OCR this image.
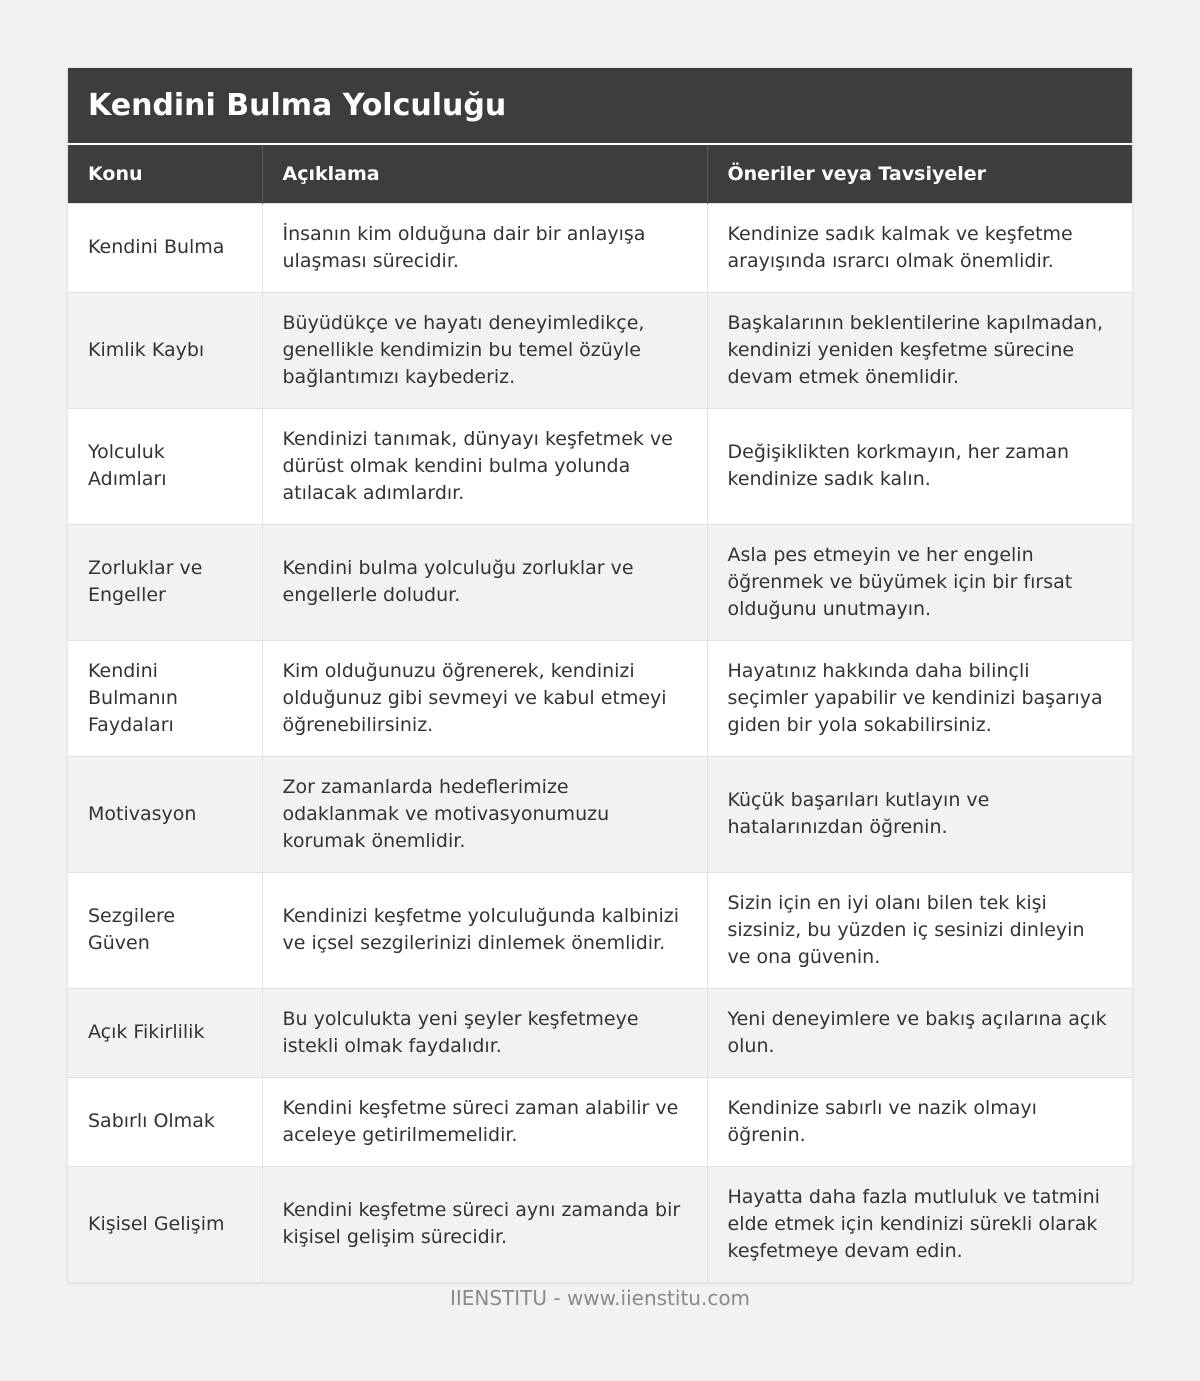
Kendini Bulma Yolculuğu
Konu	Açıklama	Öneriler veya Tavsiyeler
Kendini Bulma	İnsanın kim olduğuna dair bir anlayışa ulaşması sürecidir.	Kendinize sadık kalmak ve keşfetme arayışında ısrarcı olmak önemlidir.
Kimlik Kaybı	Büyüdükçe ve hayatı deneyimledikçe, genellikle kendimizin bu temel özüyle bağlantımızı kaybederiz.	Başkalarının beklentilerine kapılmadan, kendinizi yeniden keşfetme sürecine devam etmek önemlidir.
Yolculuk Adımları	Kendinizi tanımak, dünyayı keşfetmek ve dürüst olmak kendini bulma yolunda atılacak adımlardır.	Değişiklikten korkmayın, her zaman kendinize sadık kalın.
Zorluklar ve Engeller	Kendini bulma yolculuğu zorluklar ve engellerle doludur.	Asla pes etmeyin ve her engelin öğrenmek ve büyümek için bir fırsat olduğunu unutmayın.
Kendini Bulmanın Faydaları	Kim olduğunuzu öğrenerek, kendinizi olduğunuz gibi sevmeyi ve kabul etmeyi öğrenebilirsiniz.	Hayatınız hakkında daha bilinçli seçimler yapabilir ve kendinizi başarıya giden bir yola sokabilirsiniz.
Motivasyon	Zor zamanlarda hedeflerimize odaklanmak ve motivasyonumuzu korumak önemlidir.	Küçük başarıları kutlayın ve hatalarınızdan öğrenin.
Sezgilere Güven	Kendinizi keşfetme yolculuğunda kalbinizi ve içsel sezgilerinizi dinlemek önemlidir.	Sizin için en iyi olanı bilen tek kişi sizsiniz, bu yüzden iç sesinizi dinleyin ve ona güvenin.
Açık Fikirlilik	Bu yolculukta yeni şeyler keşfetmeye istekli olmak faydalıdır.	Yeni deneyimlere ve bakış açılarına açık olun.
Sabırlı Olmak	Kendini keşfetme süreci zaman alabilir ve aceleye getirilmemelidir.	Kendinize sabırlı ve nazik olmayı öğrenin.
Kişisel Gelişim	Kendini keşfetme süreci aynı zamanda bir kişisel gelişim sürecidir.	Hayatta daha fazla mutluluk ve tatmini elde etmek için kendinizi sürekli olarak keşfetmeye devam edin.
IIENSTITU - www.iienstitu.com
